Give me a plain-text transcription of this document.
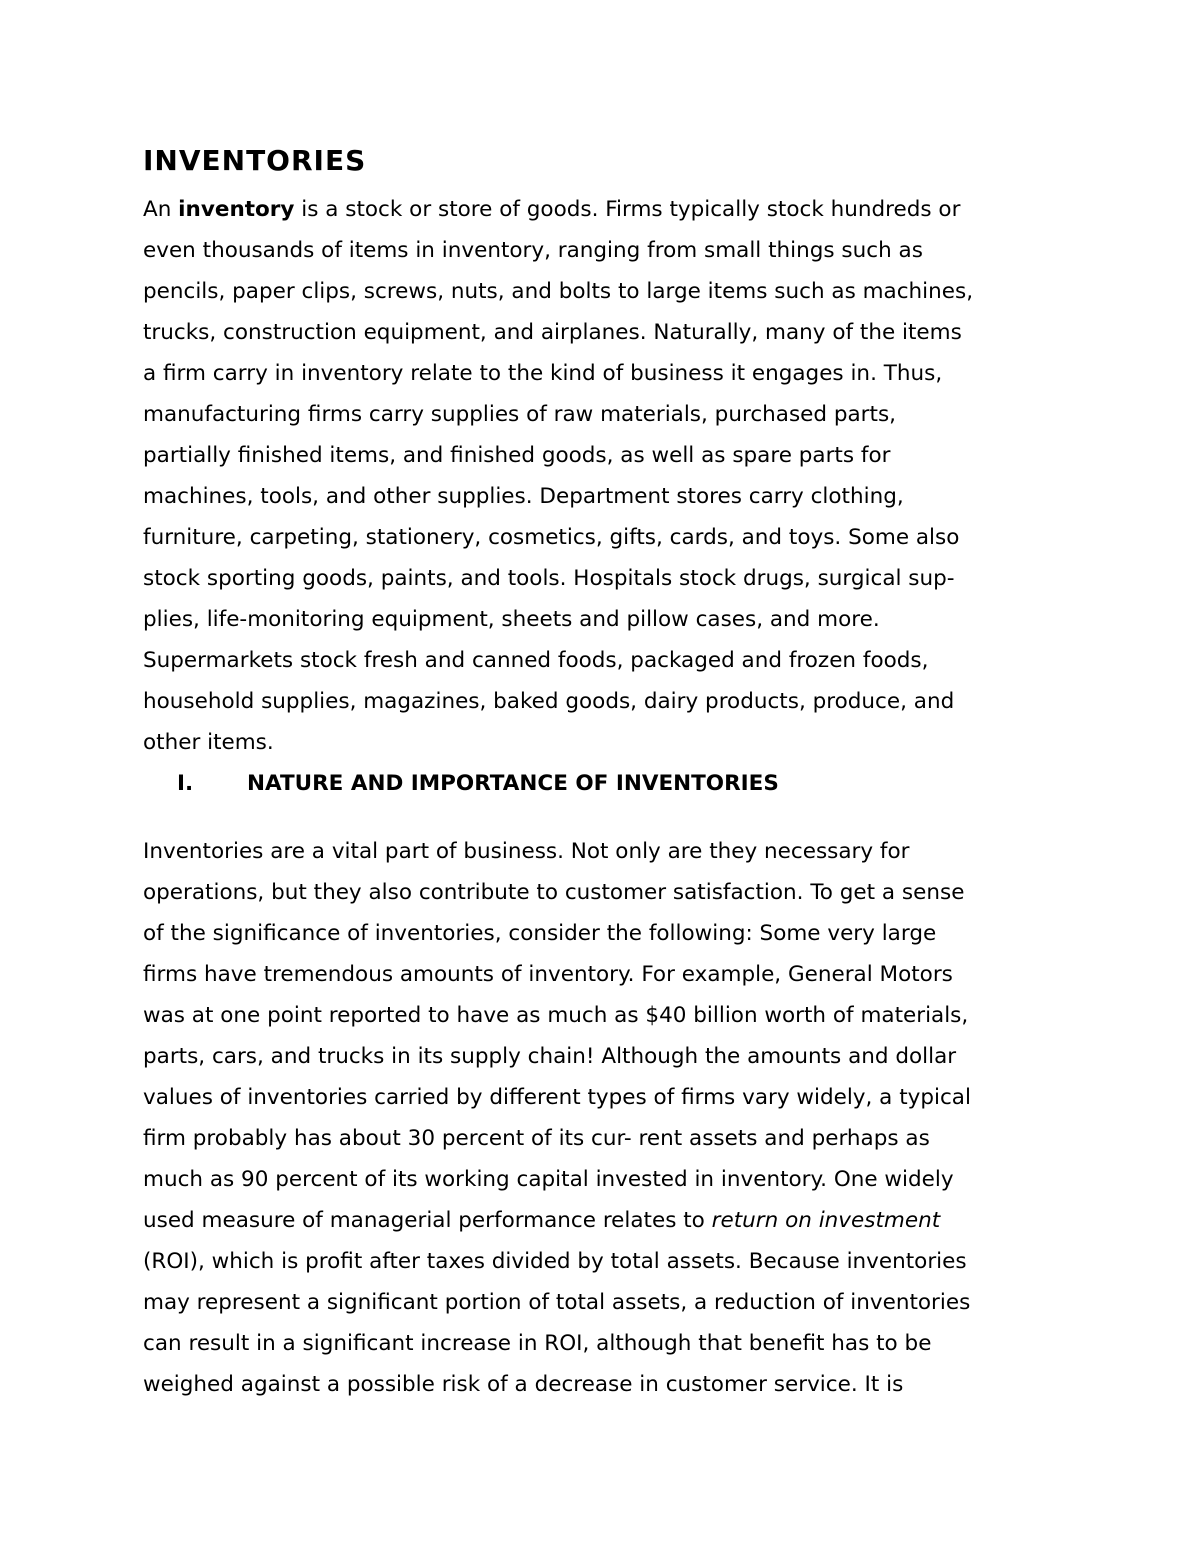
INVENTORIES
An inventory is a stock or store of goods. Firms typically stock hundreds or
even thousands of items in inventory, ranging from small things such as
pencils, paper clips, screws, nuts, and bolts to large items such as machines,
trucks, construction equipment, and airplanes. Naturally, many of the items
a firm carry in inventory relate to the kind of business it engages in. Thus,
manufacturing firms carry supplies of raw materials, purchased parts,
partially finished items, and finished goods, as well as spare parts for
machines, tools, and other supplies. Department stores carry clothing,
furniture, carpeting, stationery, cosmetics, gifts, cards, and toys. Some also
stock sporting goods, paints, and tools. Hospitals stock drugs, surgical sup-
plies, life-monitoring equipment, sheets and pillow cases, and more.
Supermarkets stock fresh and canned foods, packaged and frozen foods,
household supplies, magazines, baked goods, dairy products, produce, and
other items.
I.	NATURE AND IMPORTANCE OF INVENTORIES
Inventories are a vital part of business. Not only are they necessary for
operations, but they also contribute to customer satisfaction. To get a sense
of the significance of inventories, consider the following: Some very large
firms have tremendous amounts of inventory. For example, General Motors
was at one point reported to have as much as $40 billion worth of materials,
parts, cars, and trucks in its supply chain! Although the amounts and dollar
values of inventories carried by different types of firms vary widely, a typical
firm probably has about 30 percent of its cur- rent assets and perhaps as
much as 90 percent of its working capital invested in inventory. One widely
used measure of managerial performance relates to return on investment
(ROI), which is profit after taxes divided by total assets. Because inventories
may represent a significant portion of total assets, a reduction of inventories
can result in a significant increase in ROI, although that benefit has to be
weighed against a possible risk of a decrease in customer service. It is
